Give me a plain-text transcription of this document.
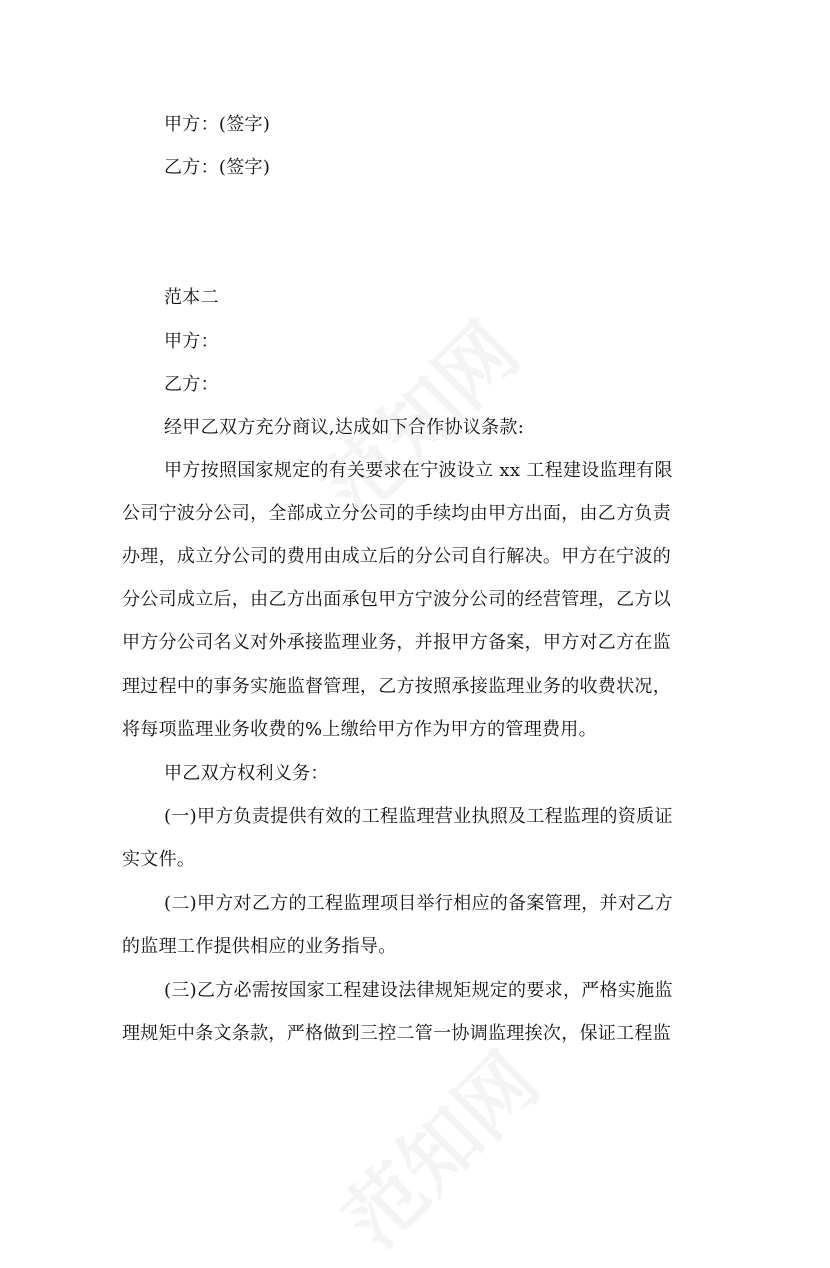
甲方：(签字)
乙方：(签字)
范本二
甲方：
乙方：
经甲乙双方充分商议,达成如下合作协议条款:
甲方按照国家规定的有关要求在宁波设立 xx 工程建设监理有限
公司宁波分公司，全部成立分公司的手续均由甲方出面，由乙方负责
办理，成立分公司的费用由成立后的分公司自行解决。甲方在宁波的
分公司成立后，由乙方出面承包甲方宁波分公司的经营管理，乙方以
甲方分公司名义对外承接监理业务，并报甲方备案，甲方对乙方在监
理过程中的事务实施监督管理，乙方按照承接监理业务的收费状况，
将每项监理业务收费的%上缴给甲方作为甲方的管理费用。
甲乙双方权利义务：
(一)甲方负责提供有效的工程监理营业执照及工程监理的资质证
实文件。
(二)甲方对乙方的工程监理项目举行相应的备案管理，并对乙方
的监理工作提供相应的业务指导。
(三)乙方必需按国家工程建设法律规矩规定的要求，严格实施监
理规矩中条文条款，严格做到三控二管一协调监理挨次，保证工程监
